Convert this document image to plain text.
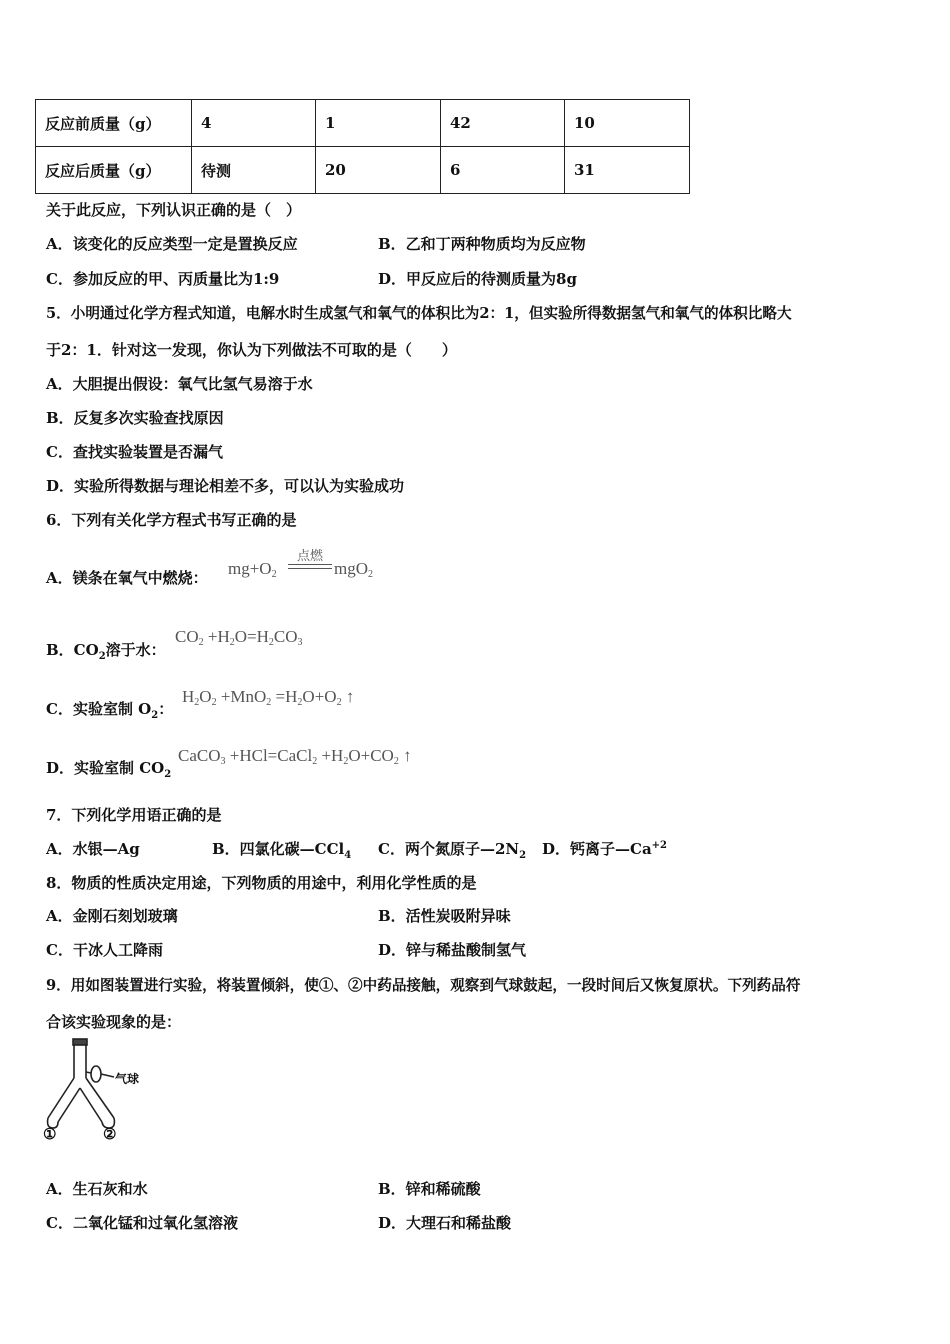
反应前质量（g）	4	1	42	10
反应后质量（g）	待测	20	6	31
关于此反应，下列认识正确的是（　）
A．该变化的反应类型一定是置换反应	B．乙和丁两种物质均为反应物
C．参加反应的甲、丙质量比为1:9	D．甲反应后的待测质量为8g
5．小明通过化学方程式知道，电解水时生成氢气和氧气的体积比为2：1，但实验所得数据氢气和氧气的体积比略大
于2：1．针对这一发现，你认为下列做法不可取的是（　　）
A．大胆提出假设：氧气比氢气易溶于水
B．反复多次实验查找原因
C．查找实验装置是否漏气
D．实验所得数据与理论相差不多，可以认为实验成功
6．下列有关化学方程式书写正确的是
A．镁条在氧气中燃烧： $mg+O_2$
点燃
mgO$_2$
B．$CO_2$溶于水：
$CO_2 +H_2O=H_2CO_3$
C．实验室制 $O_2$：
$H_2O_2 +MnO_2 =H_2O+O_2$ ↑
D．实验室制 $CO_2$
CaCO$_3$ +HCl=CaCl$_2$ $+H_2O+CO_2$ ↑
7．下列化学用语正确的是
A．水银—Ag	B．四氯化碳—CCl$_4$ C．两个氮原子$—2N_2$ D．钙离子$—Ca^{+2}$
8．物质的性质决定用途，下列物质的用途中，利用化学性质的是
A．金刚石刻划玻璃	B．活性炭吸附异味
C．干冰人工降雨	D．锌与稀盐酸制氢气
9．用如图装置进行实验，将装置倾斜，使①、②中药品接触，观察到气球鼓起，一段时间后又恢复原状。下列药品符
合该实验现象的是：
气球
①	②
A．生石灰和水	B．锌和稀硫酸
C．二氧化锰和过氧化氢溶液	D．大理石和稀盐酸
